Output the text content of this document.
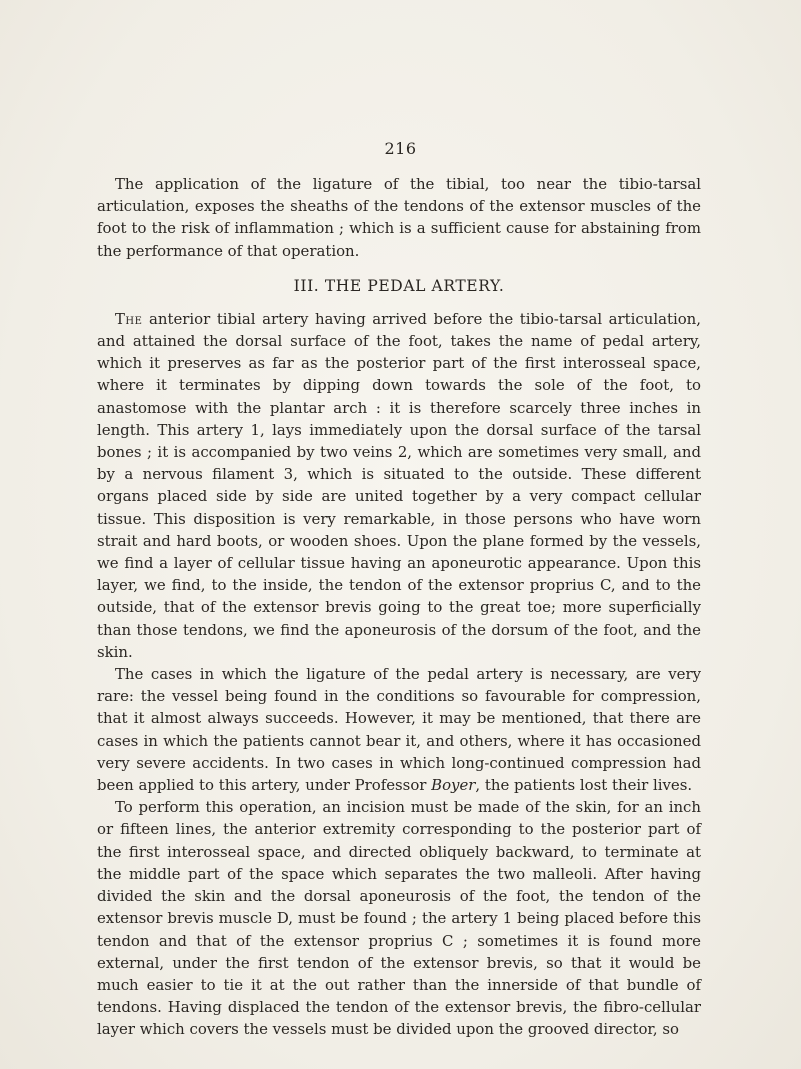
216

The application of the ligature of the tibial, too near the tibio-tarsal articulation, exposes the sheaths of the tendons of the extensor muscles of the foot to the risk of inflammation ; which is a sufficient cause for abstaining from the performance of that operation.

III. THE PEDAL ARTERY.

The anterior tibial artery having arrived before the tibio-tarsal articulation, and attained the dorsal surface of the foot, takes the name of pedal artery, which it preserves as far as the posterior part of the first interosseal space, where it terminates by dipping down towards the sole of the foot, to anastomose with the plantar arch : it is therefore scarcely three inches in length. This artery 1, lays immediately upon the dorsal surface of the tarsal bones ; it is accompanied by two veins 2, which are sometimes very small, and by a nervous filament 3, which is situated to the outside. These different organs placed side by side are united together by a very compact cellular tissue. This disposition is very remarkable, in those persons who have worn strait and hard boots, or wooden shoes. Upon the plane formed by the vessels, we find a layer of cellular tissue having an aponeurotic appearance. Upon this layer, we find, to the inside, the tendon of the extensor proprius C, and to the outside, that of the extensor brevis going to the great toe; more superficially than those tendons, we find the aponeurosis of the dorsum of the foot, and the skin.

The cases in which the ligature of the pedal artery is necessary, are very rare: the vessel being found in the conditions so favourable for compression, that it almost always succeeds. However, it may be mentioned, that there are cases in which the patients cannot bear it, and others, where it has occasioned very severe accidents. In two cases in which long-continued compression had been applied to this artery, under Professor Boyer, the patients lost their lives.

To perform this operation, an incision must be made of the skin, for an inch or fifteen lines, the anterior extremity corresponding to the posterior part of the first interosseal space, and directed obliquely backward, to terminate at the middle part of the space which separates the two malleoli. After having divided the skin and the dorsal aponeurosis of the foot, the tendon of the extensor brevis muscle D, must be found ; the artery 1 being placed before this tendon and that of the extensor proprius C ; sometimes it is found more external, under the first tendon of the extensor brevis, so that it would be much easier to tie it at the out rather than the innerside of that bundle of tendons. Having displaced the tendon of the extensor brevis, the fibro-cellular layer which covers the vessels must be divided upon the grooved director, so
